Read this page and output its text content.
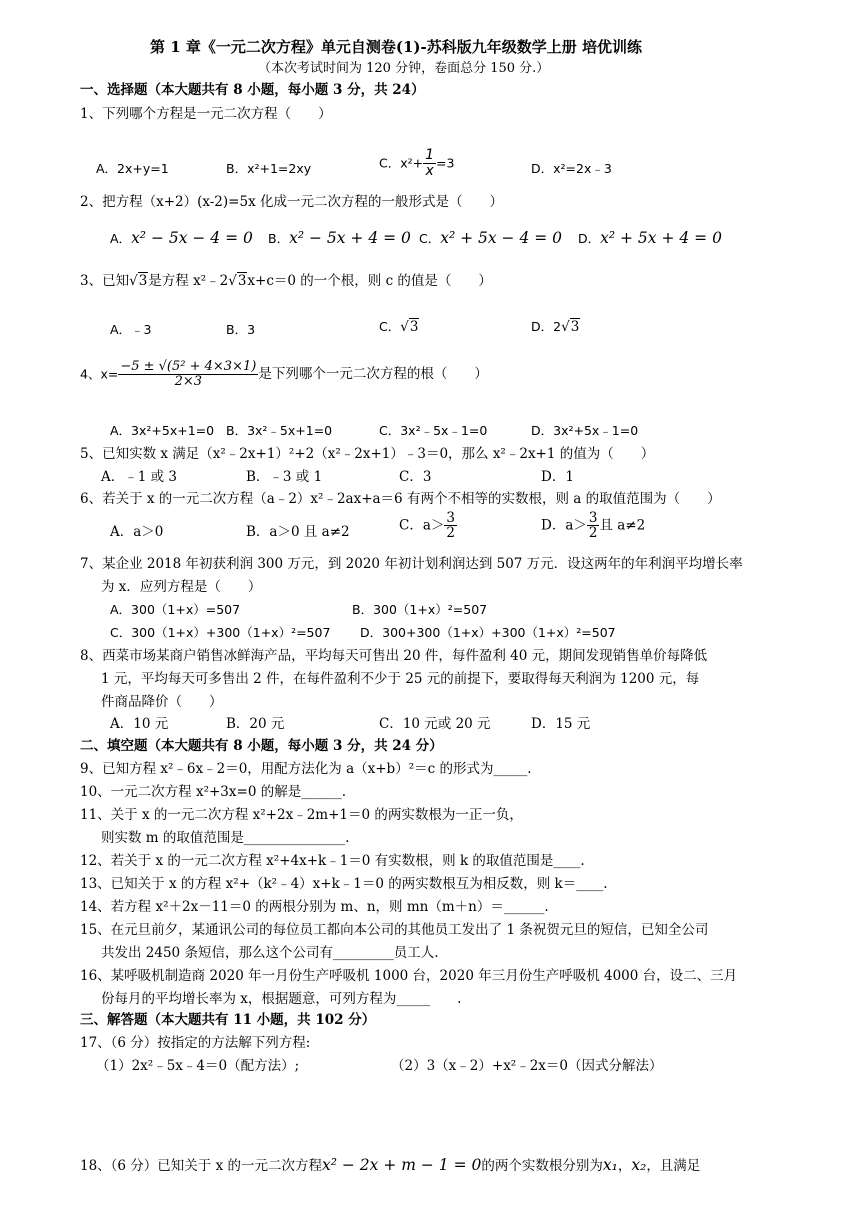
第 1 章《一元二次方程》单元自测卷(1)-苏科版九年级数学上册 培优训练
（本次考试时间为 120 分钟，卷面总分 150 分.）
一、选择题（本大题共有 8 小题，每小题 3 分，共 24）
1、下列哪个方程是一元二次方程（　　）
A．2x+y=1	B．x²+1=2xy	C．$x^2+ \frac{1}{x} =3$	D．x²=2x﹣3
2、把方程（x+2）(x-2)=5x 化成一元二次方程的一般形式是（　　）
A．x² − 5x − 4 = 0 B．x² − 5x + 4 = 0 C．x² + 5x − 4 = 0 D．x² + 5x + 4 = 0
3、已知√3是方程 x²﹣2√3x+c＝0 的一个根，则 c 的值是（　　）
A．﹣3	B．3	C．√3	D．2√3
4、$x= \frac{\text{−5 ± √(5² + 4×3×1)}}{2\times 3}$ 是下列哪个一元二次方程的根（　　）
A．3x²+5x+1=0 B．3x²﹣5x+1=0	C．3x²﹣5x﹣1=0	D．3x²+5x﹣1=0
5、已知实数 x 满足（x²﹣2x+1）²+2（x²﹣2x+1）﹣3＝0，那么 x²﹣2x+1 的值为（　　）
A．﹣1 或 3	B．﹣3 或 1	C．3	D．1
6、若关于 x 的一元二次方程（a﹣2）x²﹣2ax+a＝6 有两个不相等的实数根，则 a 的取值范围为（　　）
A．a＞0	B．a＞0 且 a≠2	C．$a> \frac{3}{2}$	D．$a> \frac{3}{2}$ 且 a≠2
7、某企业 2018 年初获利润 300 万元，到 2020 年初计划利润达到 507 万元．设这两年的年利润平均增长率
为 x．应列方程是（　　）
A．300（1+x）=507	B．300（1+x）²=507
C．300（1+x）+300（1+x）²=507 D．300+300（1+x）+300（1+x）²=507
8、西菜市场某商户销售冰鲜海产品，平均每天可售出 20 件，每件盈利 40 元，期间发现销售单价每降低
1 元，平均每天可多售出 2 件，在每件盈利不少于 25 元的前提下，要取得每天利润为 1200 元，每
件商品降价（　　）
A．10 元	B．20 元	C．10 元或 20 元	D．15 元
二、填空题（本大题共有 8 小题，每小题 3 分，共 24 分）
9、已知方程 x²﹣6x﹣2＝0，用配方法化为 a（x+b）²＝c 的形式为_____.
10、一元二次方程 x²+3x=0 的解是______.
11、关于 x 的一元二次方程 x²+2x﹣2m+1＝0 的两实数根为一正一负，
则实数 m 的取值范围是_______________.
12、若关于 x 的一元二次方程 x²+4x+k﹣1＝0 有实数根，则 k 的取值范围是____.
13、已知关于 x 的方程 x²+（k²﹣4）x+k﹣1＝0 的两实数根互为相反数，则 k＝____.
14、若方程 x²＋2x－11＝0 的两根分别为 m、n，则 mn（m＋n）＝______.
15、在元旦前夕，某通讯公司的每位员工都向本公司的其他员工发出了 1 条祝贺元旦的短信，已知全公司
共发出 2450 条短信，那么这个公司有_________员工人.
16、某呼吸机制造商 2020 年一月份生产呼吸机 1000 台，2020 年三月份生产呼吸机 4000 台，设二、三月
份每月的平均增长率为 x，根据题意，可列方程为_____　　.
三、解答题（本大题共有 11 小题，共 102 分）
17、（6 分）按指定的方法解下列方程:
（1）2x²﹣5x﹣4＝0（配方法）;	（2）3（x﹣2）+x²﹣2x＝0（因式分解法）
18、（6 分）已知关于 x 的一元二次方程x² − 2x + m − 1 = 0的两个实数根分别为x₁，x₂，且满足
